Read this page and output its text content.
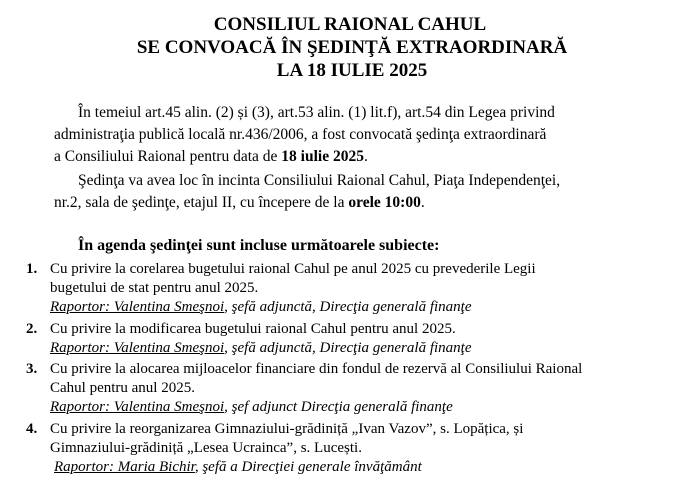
CONSILIUL RAIONAL CAHUL
SE CONVOACĂ ÎN ŞEDINŢĂ EXTRAORDINARĂ
LA 18 IULIE 2025
În temeiul art.45 alin. (2) și (3), art.53 alin. (1) lit.f), art.54 din Legea privind
administraţia publică locală nr.436/2006, a fost convocată şedinţa extraordinară
a Consiliului Raional pentru data de 18 iulie 2025.
Şedinţa va avea loc în incinta Consiliului Raional Cahul, Piaţa Independenţei,
nr.2, sala de şedinţe, etajul II, cu începere de la orele 10:00.
În agenda şedinţei sunt incluse următoarele subiecte:
1. Cu privire la corelarea bugetului raional Cahul pe anul 2025 cu prevederile Legii
bugetului de stat pentru anul 2025.
Raportor: Valentina Smeşnoi, şefă adjunctă, Direcţia generală finanţe
2. Cu privire la modificarea bugetului raional Cahul pentru anul 2025.
Raportor: Valentina Smeşnoi, şefă adjunctă, Direcţia generală finanţe
3. Cu privire la alocarea mijloacelor financiare din fondul de rezervă al Consiliului Raional
Cahul pentru anul 2025.
Raportor: Valentina Smeşnoi, şef adjunct Direcţia generală finanţe
4. Cu privire la reorganizarea Gimnaziului-grădiniță „Ivan Vazov”, s. Lopățica, și
Gimnaziului-grădiniță „Lesea Ucrainca”, s. Lucești.
Raportor: Maria Bichir, şefă a Direcţiei generale învăţământ
